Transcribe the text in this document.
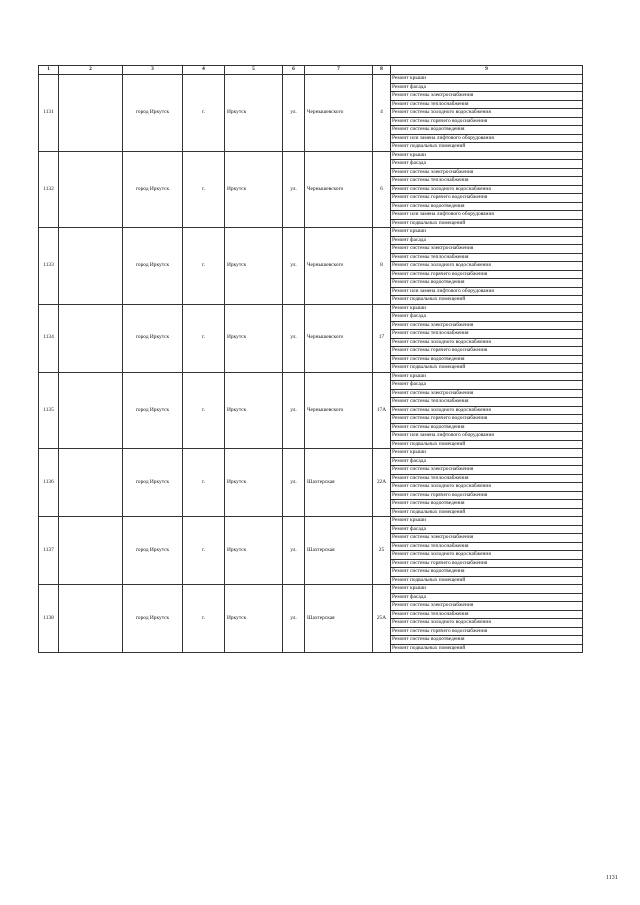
1	2	3	4	5	6	7	8	9
1131		город Иркутск	г.	Иркутск	ул.	Чернышевского	4	Ремонт крыши
								Ремонт фасада
								Ремонт системы электроснабжения
								Ремонт системы теплоснабжения
								Ремонт системы холодного водоснабжения
								Ремонт системы горячего водоснабжения
								Ремонт системы водоотведения
								Ремонт или замена лифтового оборудования
								Ремонт подвальных помещений
1132		город Иркутск	г.	Иркутск	ул.	Чернышевского	6	Ремонт крыши
								Ремонт фасада
								Ремонт системы электроснабжения
								Ремонт системы теплоснабжения
								Ремонт системы холодного водоснабжения
								Ремонт системы горячего водоснабжения
								Ремонт системы водоотведения
								Ремонт или замена лифтового оборудования
								Ремонт подвальных помещений
1133		город Иркутск	г.	Иркутск	ул.	Чернышевского	8	Ремонт крыши
								Ремонт фасада
								Ремонт системы электроснабжения
								Ремонт системы теплоснабжения
								Ремонт системы холодного водоснабжения
								Ремонт системы горячего водоснабжения
								Ремонт системы водоотведения
								Ремонт или замена лифтового оборудования
								Ремонт подвальных помещений
1134		город Иркутск	г.	Иркутск	ул.	Чернышевского	17	Ремонт крыши
								Ремонт фасада
								Ремонт системы электроснабжения
								Ремонт системы теплоснабжения
								Ремонт системы холодного водоснабжения
								Ремонт системы горячего водоснабжения
								Ремонт системы водоотведения
								Ремонт подвальных помещений
1135		город Иркутск	г.	Иркутск	ул.	Чернышевского	17А	Ремонт крыши
								Ремонт фасада
								Ремонт системы электроснабжения
								Ремонт системы теплоснабжения
								Ремонт системы холодного водоснабжения
								Ремонт системы горячего водоснабжения
								Ремонт системы водоотведения
								Ремонт или замена лифтового оборудования
								Ремонт подвальных помещений
1136		город Иркутск	г.	Иркутск	ул.	Шахтерская	22А	Ремонт крыши
								Ремонт фасада
								Ремонт системы электроснабжения
								Ремонт системы теплоснабжения
								Ремонт системы холодного водоснабжения
								Ремонт системы горячего водоснабжения
								Ремонт системы водоотведения
								Ремонт подвальных помещений
1137		город Иркутск	г.	Иркутск	ул.	Шахтерская	25	Ремонт крыши
								Ремонт фасада
								Ремонт системы электроснабжения
								Ремонт системы теплоснабжения
								Ремонт системы холодного водоснабжения
								Ремонт системы горячего водоснабжения
								Ремонт системы водоотведения
								Ремонт подвальных помещений
1138		город Иркутск	г.	Иркутск	ул.	Шахтерская	25А	Ремонт крыши
								Ремонт фасада
								Ремонт системы электроснабжения
								Ремонт системы теплоснабжения
								Ремонт системы холодного водоснабжения
								Ремонт системы горячего водоснабжения
								Ремонт системы водоотведения
								Ремонт подвальных помещений
1131
